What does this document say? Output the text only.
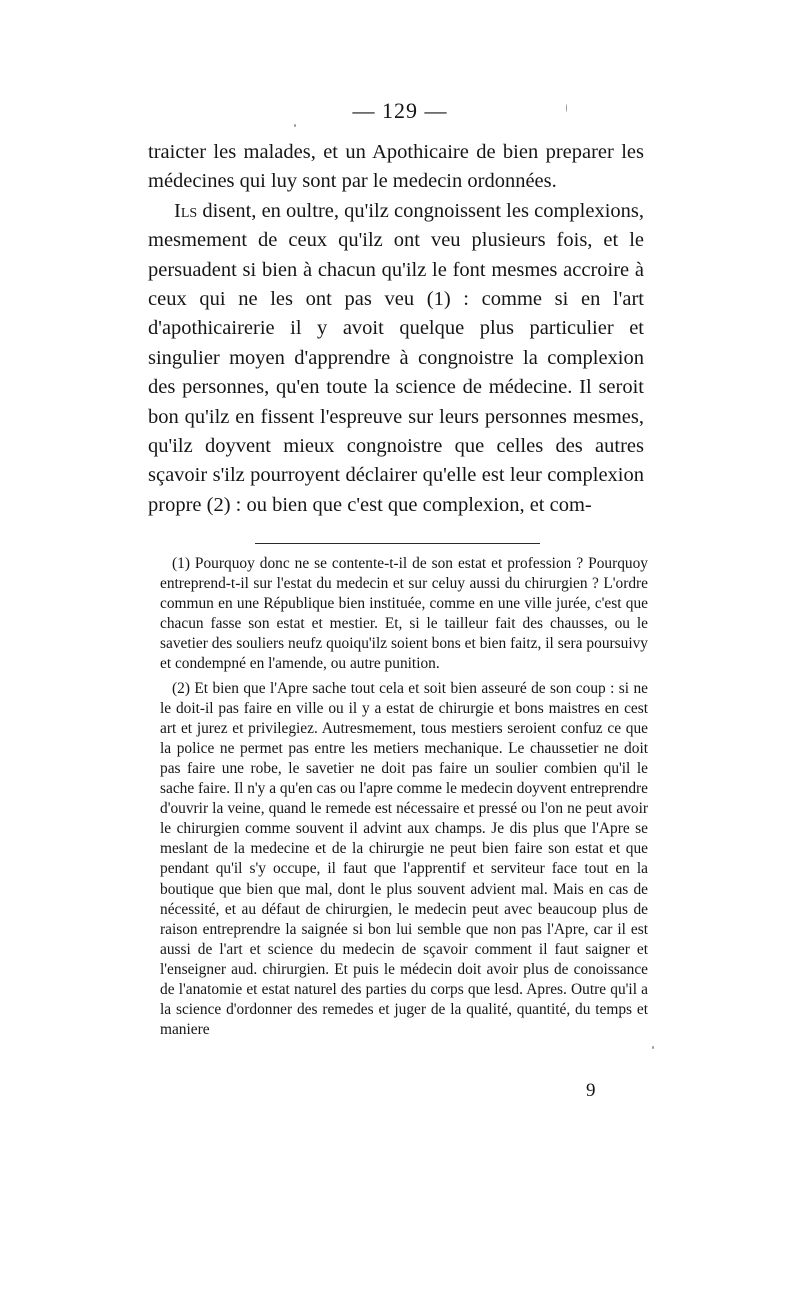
— 129 —

traicter les malades, et un Apothicaire de bien preparer les médecines qui luy sont par le medecin ordonnées.

Ils disent, en oultre, qu'ilz congnoissent les complexions, mesmement de ceux qu'ilz ont veu plusieurs fois, et le persuadent si bien à chacun qu'ilz le font mesmes accroire à ceux qui ne les ont pas veu (1) : comme si en l'art d'apothicairerie il y avoit quelque plus particulier et singulier moyen d'apprendre à congnoistre la complexion des personnes, qu'en toute la science de médecine. Il seroit bon qu'ilz en fissent l'espreuve sur leurs personnes mesmes, qu'ilz doyvent mieux congnoistre que celles des autres sçavoir s'ilz pourroyent déclairer qu'elle est leur complexion propre (2) : ou bien que c'est que complexion, et com-

(1) Pourquoy donc ne se contente-t-il de son estat et profession ? Pourquoy entreprend-t-il sur l'estat du medecin et sur celuy aussi du chirurgien ? L'ordre commun en une République bien instituée, comme en une ville jurée, c'est que chacun fasse son estat et mestier. Et, si le tailleur fait des chausses, ou le savetier des souliers neufz quoiqu'ilz soient bons et bien faitz, il sera poursuivy et condempné en l'amende, ou autre punition.

(2) Et bien que l'Apre sache tout cela et soit bien asseuré de son coup : si ne le doit-il pas faire en ville ou il y a estat de chirurgie et bons maistres en cest art et jurez et privilegiez. Autresmement, tous mestiers seroient confuz ce que la police ne permet pas entre les metiers mechanique. Le chaussetier ne doit pas faire une robe, le savetier ne doit pas faire un soulier combien qu'il le sache faire. Il n'y a qu'en cas ou l'apre comme le medecin doyvent entreprendre d'ouvrir la veine, quand le remede est nécessaire et pressé ou l'on ne peut avoir le chirurgien comme souvent il advint aux champs. Je dis plus que l'Apre se meslant de la medecine et de la chirurgie ne peut bien faire son estat et que pendant qu'il s'y occupe, il faut que l'apprentif et serviteur face tout en la boutique que bien que mal, dont le plus souvent advient mal. Mais en cas de nécessité, et au défaut de chirurgien, le medecin peut avec beaucoup plus de raison entreprendre la saignée si bon lui semble que non pas l'Apre, car il est aussi de l'art et science du medecin de sçavoir comment il faut saigner et l'enseigner aud. chirurgien. Et puis le médecin doit avoir plus de conoissance de l'anatomie et estat naturel des parties du corps que lesd. Apres. Outre qu'il a la science d'ordonner des remedes et juger de la qualité, quantité, du temps et maniere

9
